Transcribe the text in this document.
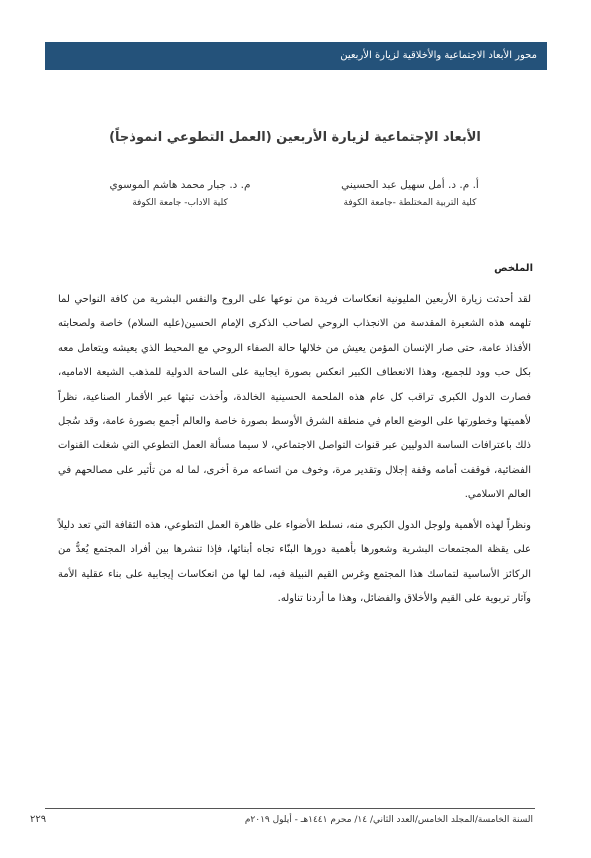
محور الأبعاد الاجتماعية والأخلاقية لزيارة الأربعين
الأبعاد الإجتماعية لزيارة الأربعين (العمل التطوعي انموذجاً)
أ. م. د. أمل سهيل عبد الحسيني
كلية التربية المختلطة -جامعة الكوفة
م. د. جبار محمد هاشم الموسوي
كلية الاداب- جامعة الكوفة
الملخص

لقد أحدثت زيارة الأربعين المليونية انعكاسات فريدة من نوعها على الروح والنفس البشرية من كافة النواحي لما تلهمه هذه الشعيرة المقدسة من الانجذاب الروحي لصاحب الذكرى الإمام الحسين(عليه السلام) خاصة ولصحابته الأفذاذ عامة، حتى صار الإنسان المؤمن يعيش من خلالها حالة الصفاء الروحي مع المحيط الذي يعيشه ويتعامل معه بكل حب وود للجميع، وهذا الانعطاف الكبير انعكس بصورة ايجابية على الساحة الدولية للمذهب الشيعة الاماميه، فصارت الدول الكبرى تراقب كل عام هذه الملحمة الحسينية الخالدة، وأخذت تبثها عبر الأقمار الصناعية، نظراً لأهميتها وخطورتها على الوضع العام في منطقة الشرق الأوسط بصورة خاصة والعالم أجمع بصورة عامة، وقد سُجل ذلك باعترافات الساسة الدوليين عبر قنوات التواصل الاجتماعي، لا سيما مسألة العمل التطوعي التي شغلت القنوات الفضائية، فوقفت أمامه وقفة إجلال وتقدير مرة، وخوف من اتساعه مرة أخرى، لما له من تأثير على مصالحهم في العالم الاسلامي.

ونظراً لهذه الأهمية ولوجل الدول الكبرى منه، نسلط الأضواء على ظاهرة العمل التطوعي، هذه الثقافة التي تعد دليلاً على يقظة المجتمعات البشرية وشعورها بأهمية دورها البنّاء تجاه أبنائها، فإذا تنشرها بين أفراد المجتمع يُعدُّ من الركائز الأساسية لتماسك هذا المجتمع وغرس القيم النبيلة فيه، لما لها من انعكاسات إيجابية على بناء عقلية الأمة وآثار تربوية على القيم والأخلاق والفضائل، وهذا ما أردنا تناوله.

السنة الخامسة/المجلد الخامس/العدد الثاني/ ١٤/ محرم ١٤٤١هـ - أيلول ٢٠١٩م
٢٢٩
